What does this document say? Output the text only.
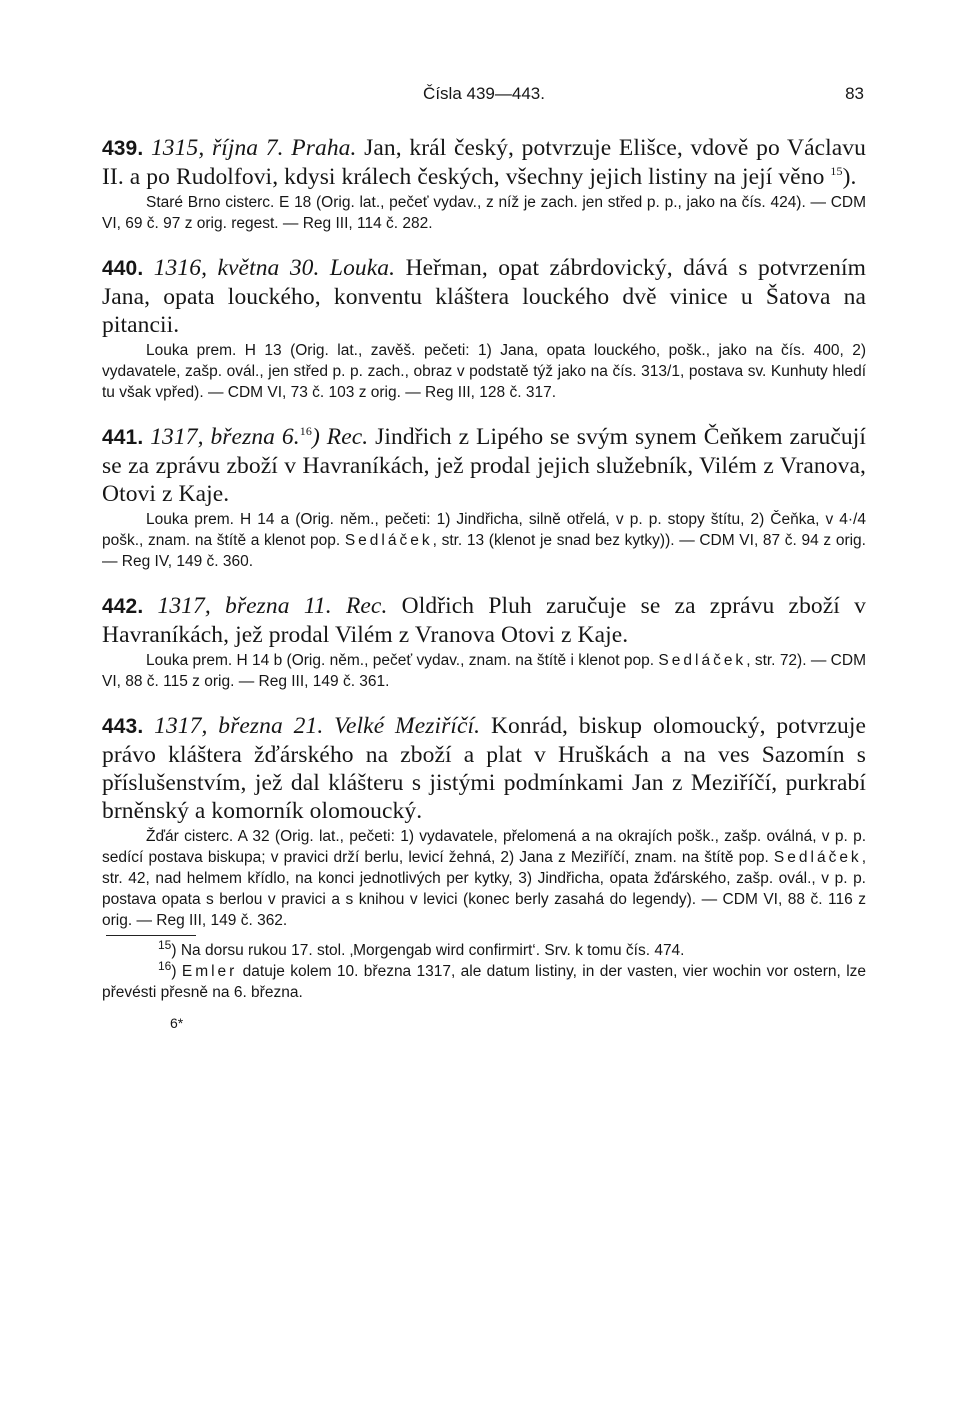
Čísla 439—443.	83
439. 1315, října 7. Praha. Jan, král český, potvrzuje Elišce, vdově po Václavu II. a po Rudolfovi, kdysi králech českých, všechny jejich listiny na její věno $^{15}$).
Staré Brno cisterc. E 18 (Orig. lat., pečeť vydav., z níž je zach. jen střed p. p., jako na čís. 424). — CDM VI, 69 č. 97 z orig. regest. — Reg III, 114 č. 282.
440. 1316, května 30. Louka. Heřman, opat zábrdovický, dává s potvrzením Jana, opata louckého, konventu kláštera louckého dvě vinice u Šatova na pitancii.
Louka prem. H 13 (Orig. lat., zavěš. pečeti: 1) Jana, opata louckého, pošk., jako na čís. 400, 2) vydavatele, zašp. ovál., jen střed p. p. zach., obraz v podstatě týž jako na čís. 313/1, postava sv. Kunhuty hledí tu však vpřed). — CDM VI, 73 č. 103 z orig. — Reg III, 128 č. 317.
441. 1317, března 6.16) Rec. Jindřich z Lipého se svým synem Čeňkem zaručují se za zprávu zboží v Havraníkách, jež prodal jejich služebník, Vilém z Vranova, Otovi z Kaje.
Louka prem. H 14 a (Orig. něm., pečeti: 1) Jindřicha, silně otřelá, v p. p. stopy štítu, 2) Čeňka, v 4·/4 pošk., znam. na štítě a klenot pop. Sedláček, str. 13 (klenot je snad bez kytky)). — CDM VI, 87 č. 94 z orig. — Reg IV, 149 č. 360.
442. 1317, března 11. Rec. Oldřich Pluh zaručuje se za zprávu zboží v Havraníkách, jež prodal Vilém z Vranova Otovi z Kaje.
Louka prem. H 14 b (Orig. něm., pečeť vydav., znam. na štítě i klenot pop. Sedláček, str. 72). — CDM VI, 88 č. 115 z orig. — Reg III, 149 č. 361.
443. 1317, března 21. Velké Meziříčí. Konrád, biskup olomoucký, potvrzuje právo kláštera žďárského na zboží a plat v Hruškách a na ves Sazomín s příslušenstvím, jež dal klášteru s jistými podmínkami Jan z Meziříčí, purkrabí brněnský a komorník olomoucký.
Žďár cisterc. A 32 (Orig. lat., pečeti: 1) vydavatele, přelomená a na okrajích pošk., zašp. oválná, v p. p. sedící postava biskupa; v pravici drží berlu, levicí žehná, 2) Jana z Meziříčí, znam. na štítě pop. Sedláček, str. 42, nad helmem křídlo, na konci jednotlivých per kytky, 3) Jindřicha, opata žďárského, zašp. ovál., v p. p. postava opata s berlou v pravici a s knihou v levici (konec berly zasahá do legendy). — CDM VI, 88 č. 116 z orig. — Reg III, 149 č. 362.

$^{15}$) Na dorsu rukou 17. stol. ‚Morgengab wird confirmirt‘. Srv. k tomu čís. 474.

$^{16}$) Emler datuje kolem 10. března 1317, ale datum listiny, in der vasten, vier wochin vor ostern, lze převésti přesně na 6. března.

6*
